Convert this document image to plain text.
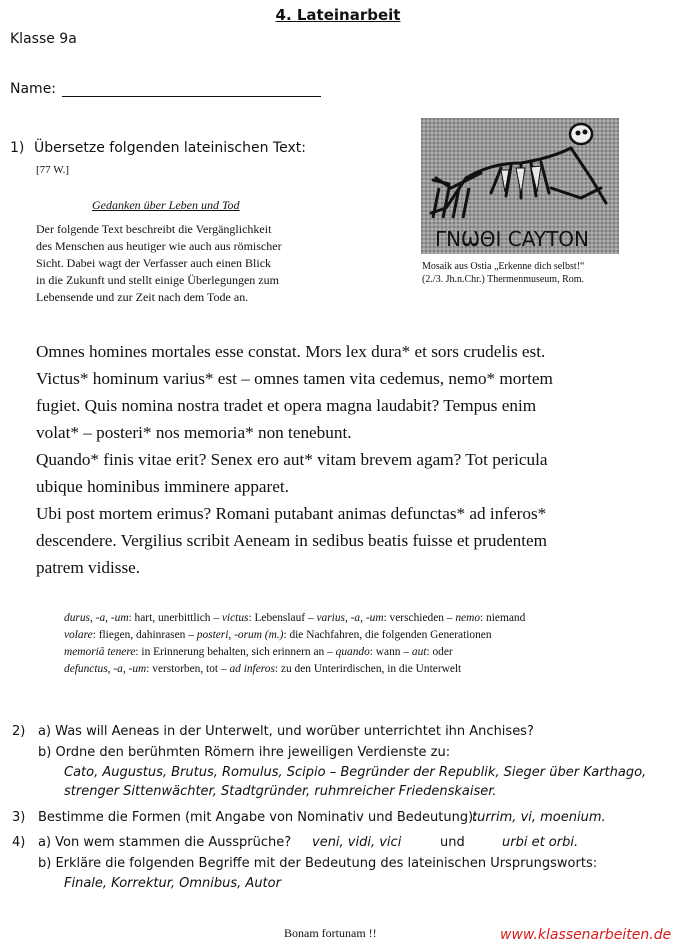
4. Lateinarbeit
Klasse 9a
Name:
1) Übersetze folgenden lateinischen Text:
[77 W.]
Gedanken über Leben und Tod
Der folgende Text beschreibt die Vergänglichkeit
des Menschen aus heutiger wie auch aus römischer
Sicht. Dabei wagt der Verfasser auch einen Blick
in die Zukunft und stellt einige Überlegungen zum
Lebensende und zur Zeit nach dem Tode an.
ΓΝѠΘΙ CAYTON
Mosaik aus Ostia „Erkenne dich selbst!“
(2./3. Jh.n.Chr.) Thermenmuseum, Rom.
Omnes homines mortales esse constat. Mors lex dura* et sors crudelis est.
Victus* hominum varius* est – omnes tamen vita cedemus, nemo* mortem
fugiet. Quis nomina nostra tradet et opera magna laudabit? Tempus enim
volat* – posteri* nos memoria* non tenebunt.
Quando* finis vitae erit? Senex ero aut* vitam brevem agam? Tot pericula
ubique hominibus imminere apparet.
Ubi post mortem erimus? Romani putabant animas defunctas* ad inferos*
descendere. Vergilius scribit Aeneam in sedibus beatis fuisse et prudentem
patrem vidisse.
durus, -a, -um: hart, unerbittlich – victus: Lebenslauf – varius, -a, -um: verschieden – nemo: niemand
volare: fliegen, dahinrasen – posteri, -orum (m.): die Nachfahren, die folgenden Generationen
memoriā tenere: in Erinnerung behalten, sich erinnern an – quando: wann – aut: oder
defunctus, -a, -um: verstorben, tot – ad inferos: zu den Unterirdischen, in die Unterwelt
2) a) Was will Aeneas in der Unterwelt, und worüber unterrichtet ihn Anchises?
b) Ordne den berühmten Römern ihre jeweiligen Verdienste zu:
Cato, Augustus, Brutus, Romulus, Scipio – Begründer der Republik, Sieger über Karthago,
strenger Sittenwächter, Stadtgründer, ruhmreicher Friedenskaiser.
3) Bestimme die Formen (mit Angabe von Nominativ und Bedeutung):
turrim, vi, moenium.
4) a) Von wem stammen die Aussprüche? veni, vidi, vici	und	urbi et orbi.
b) Erkläre die folgenden Begriffe mit der Bedeutung des lateinischen Ursprungsworts:
Finale, Korrektur, Omnibus, Autor
Bonam fortunam !!	www.klassenarbeiten.de
